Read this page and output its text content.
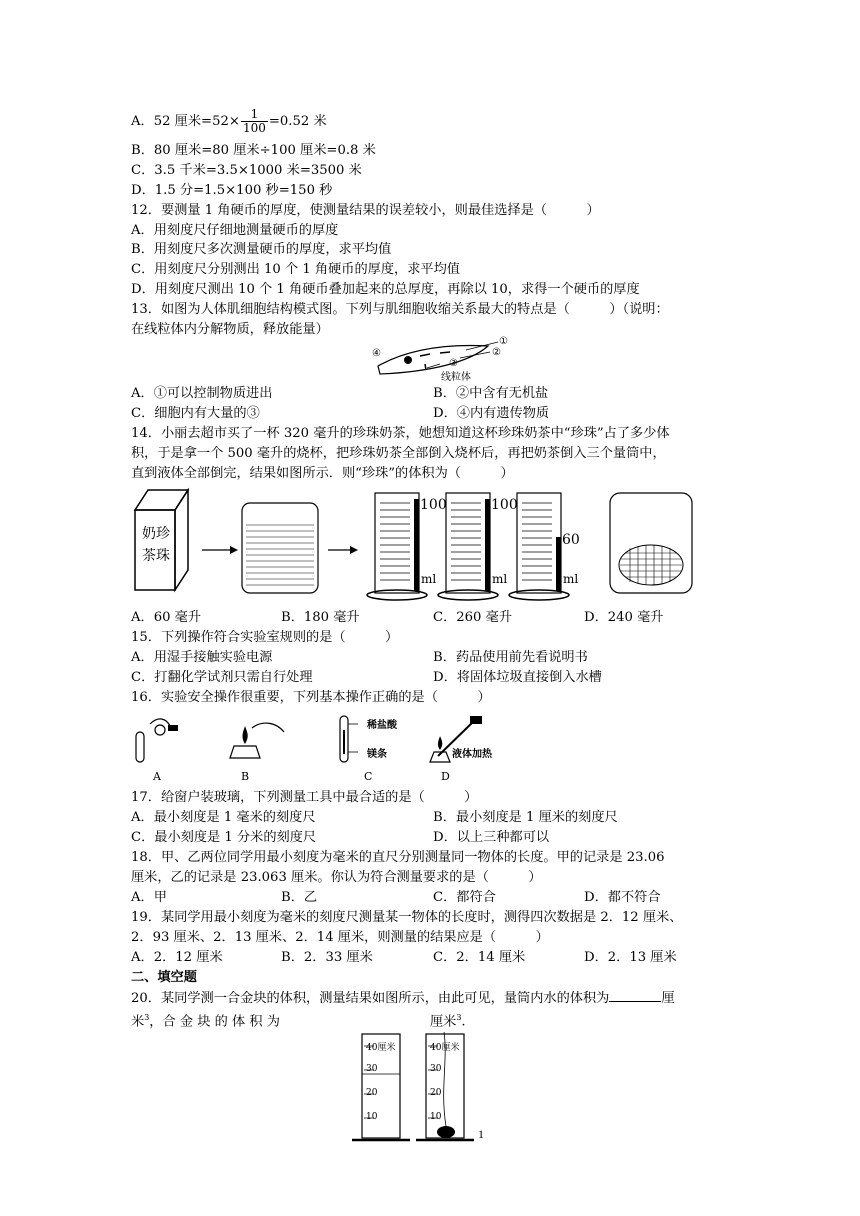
A．52 厘米$=52\times \frac{1}{100} =0.52$ 米
B．80 厘米=80 厘米÷100 厘米=0.8 米
C．3.5 千米=3.5×1000 米=3500 米
D．1.5 分=1.5×100 秒=150 秒
12．要测量 1 角硬币的厚度，使测量结果的误差较小，则最佳选择是（　　　）
A．用刻度尺仔细地测量硬币的厚度
B．用刻度尺多次测量硬币的厚度，求平均值
C．用刻度尺分别测出 10 个 1 角硬币的厚度，求平均值
D．用刻度尺测出 10 个 1 角硬币叠加起来的总厚度，再除以 10，求得一个硬币的厚度
13．如图为人体肌细胞结构模式图。下列与肌细胞收缩关系最大的特点是（　　　）（说明：
在线粒体内分解物质，释放能量）
①
②
③
④
线粒体
A．①可以控制物质进出	B．②中含有无机盐
C．细胞内有大量的③	D．④内有遗传物质
14．小丽去超市买了一杯 320 毫升的珍珠奶茶，她想知道这杯珍珠奶茶中“珍珠”占了多少体
积，于是拿一个 500 毫升的烧杯，把珍珠奶茶全部倒入烧杯后，再把奶茶倒入三个量筒中，
直到液体全部倒完，结果如图所示．则“珍珠”的体积为（　　　）
奶珍
茶珠
100	100
60
ml	ml	ml
A．60 毫升	B．180 毫升	C．260 毫升	D．240 毫升
15．下列操作符合实验室规则的是（　　　）
A．用湿手接触实验电源	B．药品使用前先看说明书
C．打翻化学试剂只需自行处理	D．将固体垃圾直接倒入水槽
16．实验安全操作很重要，下列基本操作正确的是（　　　）
稀盐酸
镁条	液体加热
A	B	C	D
17．给窗户装玻璃，下列测量工具中最合适的是（　　　）
A．最小刻度是 1 毫米的刻度尺	B．最小刻度是 1 厘米的刻度尺
C．最小刻度是 1 分米的刻度尺	D．以上三种都可以
18．甲、乙两位同学用最小刻度为毫米的直尺分别测量同一物体的长度。甲的记录是 23.06
厘米，乙的记录是 23.063 厘米。你认为符合测量要求的是（　　　）
A．甲	B．乙	C．都符合	D．都不符合
19．某同学用最小刻度为毫米的刻度尺测量某一物体的长度时，测得四次数据是 2．12 厘米、
2．93 厘米、2．13 厘米、2．14 厘米，则测量的结果应是（　　　）
A．2．12 厘米	B．2．33 厘米	C．2．14 厘米	D．2．13 厘米
二、填空题
20．某同学测一合金块的体积，测量结果如图所示，由此可见，量筒内水的体积为	厘
米$^3$，合 金 块 的 体 积 为	厘米$^3$.
1
40厘米	40厘米
30
20
10
30
20
10
